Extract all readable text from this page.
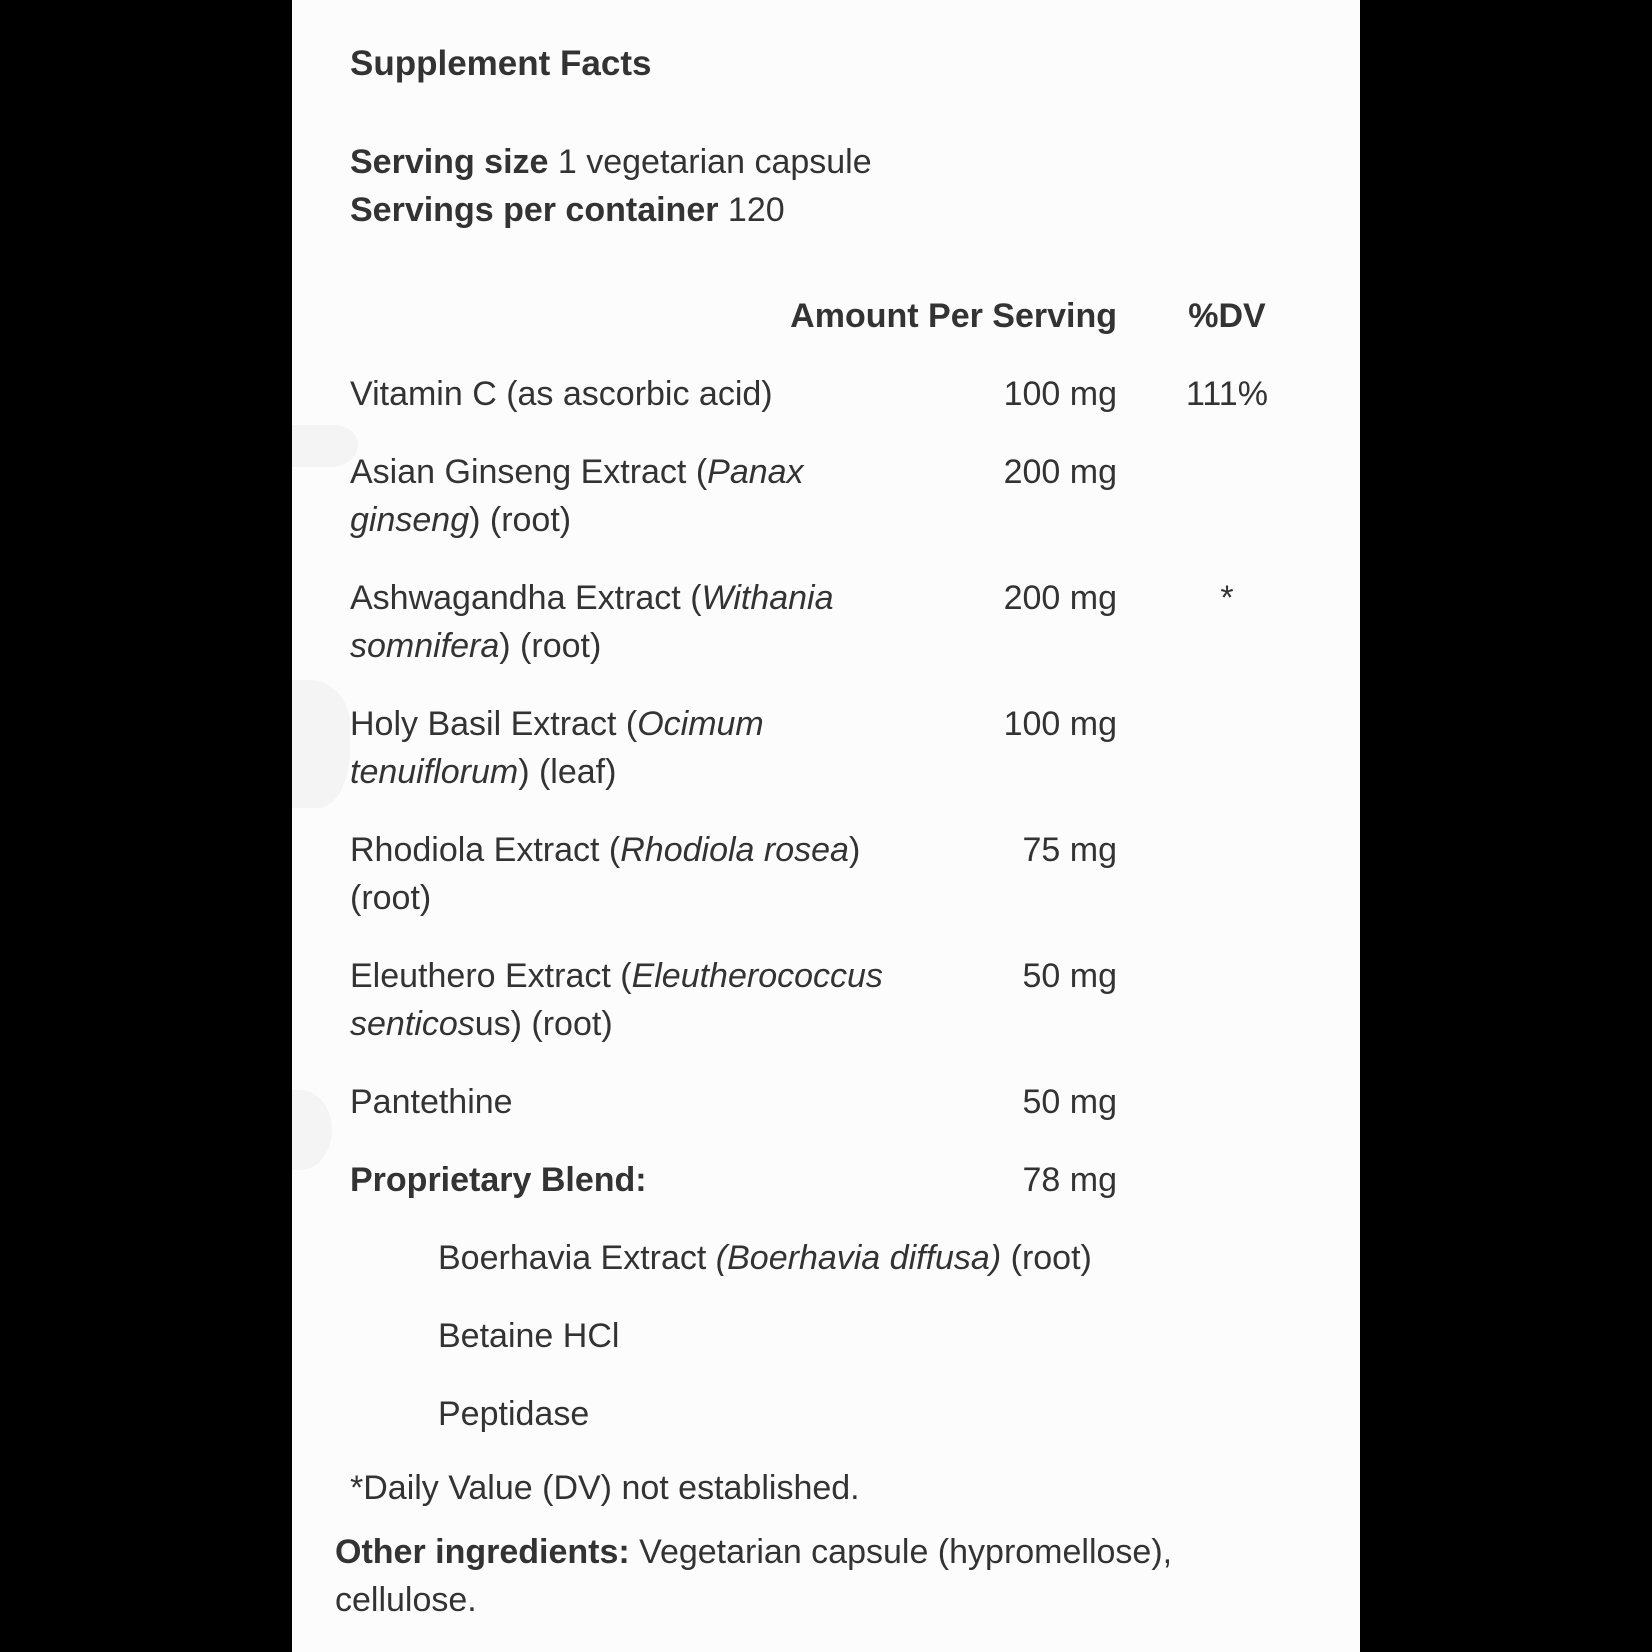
Supplement Facts
Serving size 1 vegetarian capsule
Servings per container 120
Amount Per Serving	%DV
Vitamin C (as ascorbic acid)	100 mg	111%
Asian Ginseng Extract (Panax
ginseng) (root)
200 mg
Ashwagandha Extract (Withania
somnifera) (root)
200 mg	*
Holy Basil Extract (Ocimum
tenuiflorum) (leaf)
100 mg
Rhodiola Extract (Rhodiola rosea)
(root)
75 mg
Eleuthero Extract (Eleutherococcus
senticosus) (root)
50 mg
Pantethine	50 mg
Proprietary Blend:	78 mg
Boerhavia Extract (Boerhavia diffusa) (root)
Betaine HCl
Peptidase
*Daily Value (DV) not established.
Other ingredients: Vegetarian capsule (hypromellose),
cellulose.
